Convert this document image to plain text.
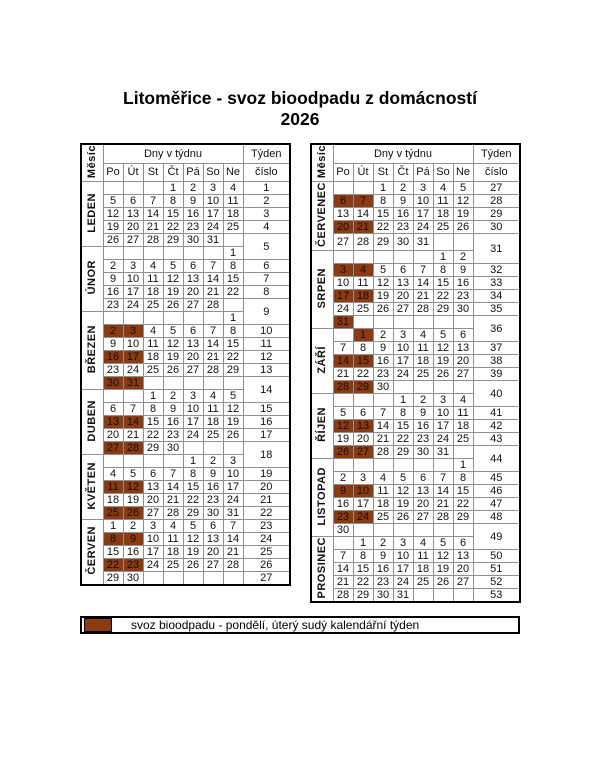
Litoměřice - svoz bioodpadu z domácností
2026
Měsíc	Dny v týdnu							Týden
	Po	Út	St	Čt	Pá	So	Ne	číslo
LEDEN				1	2	3	4	1
	5	6	7	8	9	10	11	2
	12	13	14	15	16	17	18	3
	19	20	21	22	23	24	25	4
	26	27	28	29	30	31		5
ÚNOR							1	
	2	3	4	5	6	7	8	6
	9	10	11	12	13	14	15	7
	16	17	18	19	20	21	22	8
	23	24	25	26	27	28		9
BŘEZEN							1	
	2	3	4	5	6	7	8	10
	9	10	11	12	13	14	15	11
	16	17	18	19	20	21	22	12
	23	24	25	26	27	28	29	13
	30	31						14
DUBEN			1	2	3	4	5	
	6	7	8	9	10	11	12	15
	13	14	15	16	17	18	19	16
	20	21	22	23	24	25	26	17
	27	28	29	30				18
KVĚTEN					1	2	3	
	4	5	6	7	8	9	10	19
	11	12	13	14	15	16	17	20
	18	19	20	21	22	23	24	21
	25	26	27	28	29	30	31	22
ČERVEN	1	2	3	4	5	6	7	23
	8	9	10	11	12	13	14	24
	15	16	17	18	19	20	21	25
	22	23	24	25	26	27	28	26
	29	30						27
Měsíc	Dny v týdnu							Týden
	Po	Út	St	Čt	Pá	So	Ne	číslo
ČERVENEC			1	2	3	4	5	27
	6	7	8	9	10	11	12	28
	13	14	15	16	17	18	19	29
	20	21	22	23	24	25	26	30
	27	28	29	30	31			31
SRPEN						1	2	
	3	4	5	6	7	8	9	32
	10	11	12	13	14	15	16	33
	17	18	19	20	21	22	23	34
	24	25	26	27	28	29	30	35
	31							36
ZÁŘÍ		1	2	3	4	5	6	
	7	8	9	10	11	12	13	37
	14	15	16	17	18	19	20	38
	21	22	23	24	25	26	27	39
	28	29	30					40
ŘÍJEN				1	2	3	4	
	5	6	7	8	9	10	11	41
	12	13	14	15	16	17	18	42
	19	20	21	22	23	24	25	43
	26	27	28	29	30	31		44
LISTOPAD							1	
	2	3	4	5	6	7	8	45
	9	10	11	12	13	14	15	46
	16	17	18	19	20	21	22	47
	23	24	25	26	27	28	29	48
	30							49
PROSINEC		1	2	3	4	5	6	
	7	8	9	10	11	12	13	50
	14	15	16	17	18	19	20	51
	21	22	23	24	25	26	27	52
	28	29	30	31				53
svoz bioodpadu - pondělí, úterý sudý kalendářní týden
